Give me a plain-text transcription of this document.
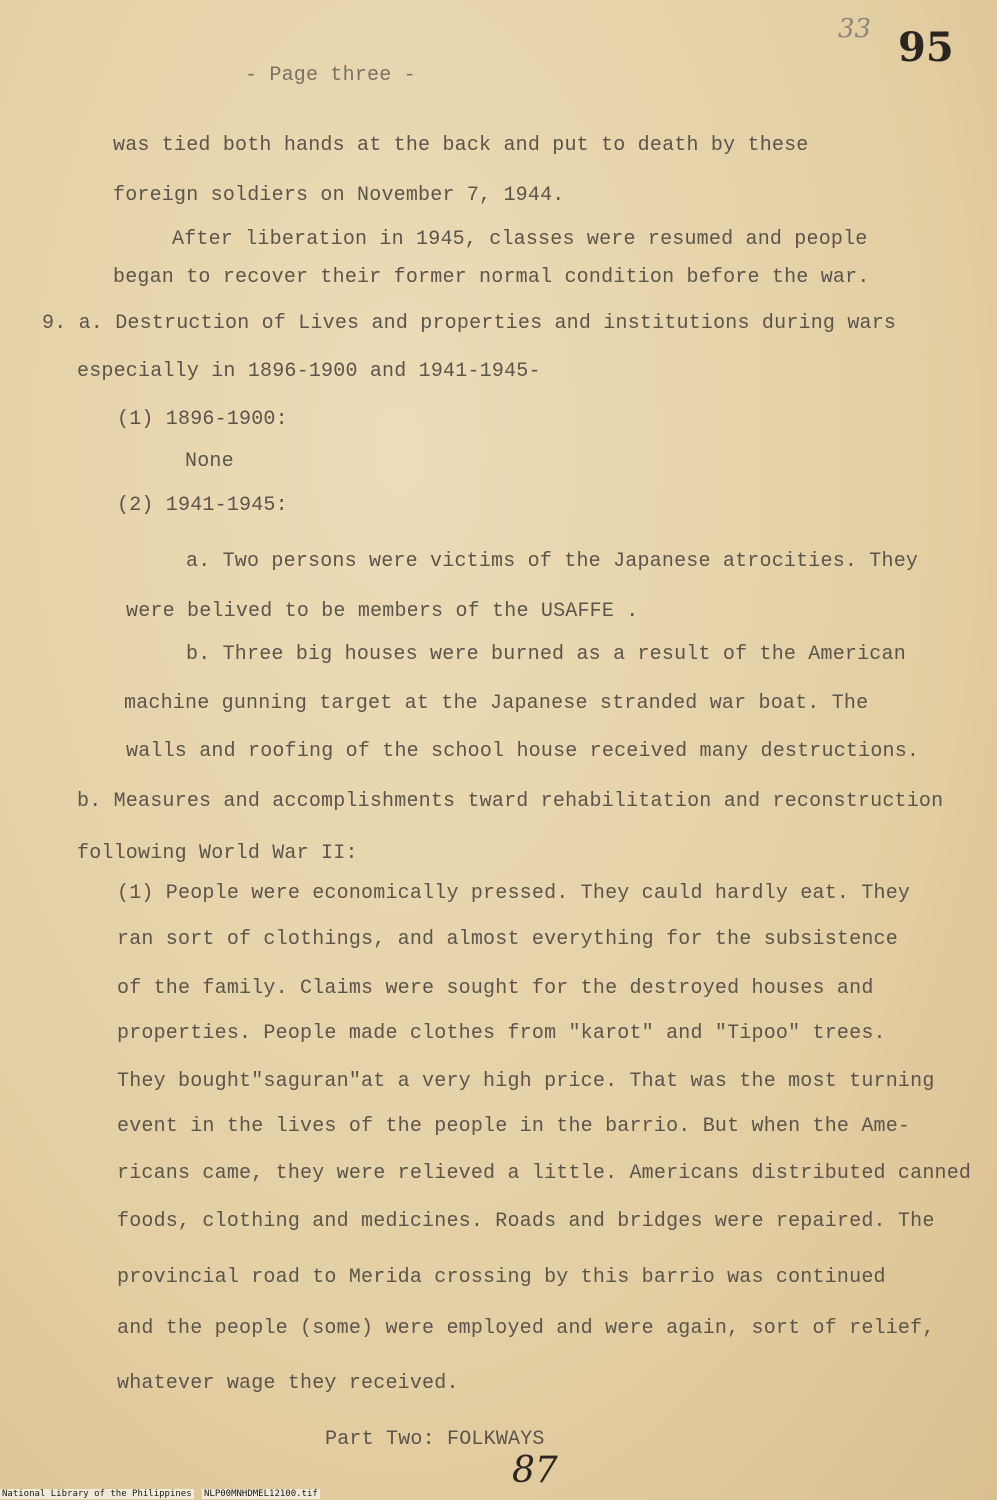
33 95
- Page three -
was tied both hands at the back and put to death by these
foreign soldiers on November 7, 1944.
After liberation in 1945, classes were resumed and people
began to recover their former normal condition before the war.
9. a. Destruction of Lives and properties and institutions during wars
especially in 1896-1900 and 1941-1945-
(1) 1896-1900:
None
(2) 1941-1945:
a. Two persons were victims of the Japanese atrocities. They
were belived to be members of the USAFFE .
b. Three big houses were burned as a result of the American
machine gunning target at the Japanese stranded war boat. The
walls and roofing of the school house received many destructions.
b. Measures and accomplishments tward rehabilitation and reconstruction
following World War II:
(1) People were economically pressed. They cauld hardly eat. They
ran sort of clothings, and almost everything for the subsistence
of the family. Claims were sought for the destroyed houses and
properties. People made clothes from "karot" and "Tipoo" trees.
They bought"saguran"at a very high price. That was the most turning
event in the lives of the people in the barrio. But when the Ame-
ricans came, they were relieved a little. Americans distributed canned
foods, clothing and medicines. Roads and bridges were repaired. The
provincial road to Merida crossing by this barrio was continued
and the people (some) were employed and were again, sort of relief,
whatever wage they received.
Part Two: FOLKWAYS
87
National Library of the Philippines NLP00MNHDMEL12100.tif
